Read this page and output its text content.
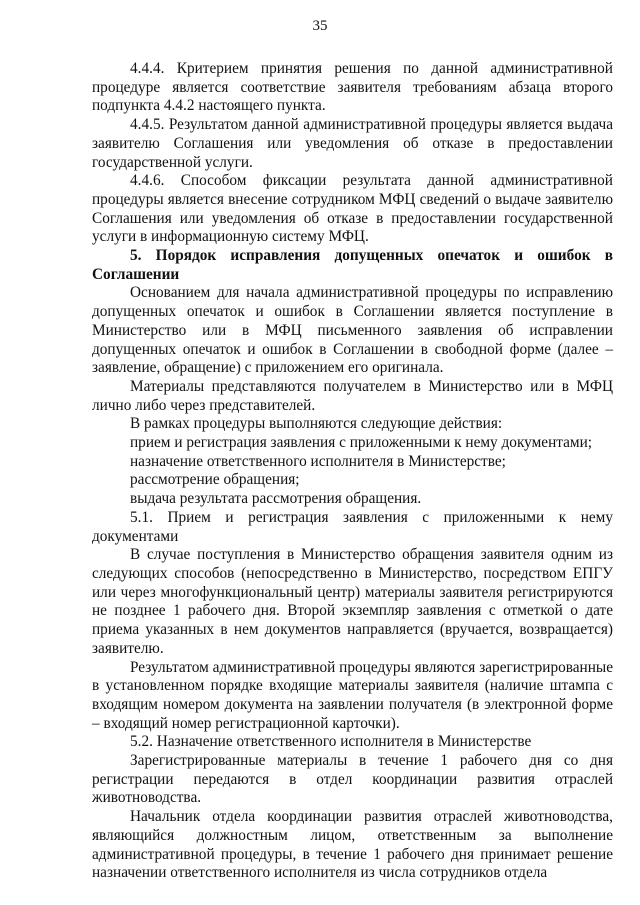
35

4.4.4. Критерием принятия решения по данной административной процедуре является соответствие заявителя требованиям абзаца второго подпункта 4.4.2 настоящего пункта.

4.4.5. Результатом данной административной процедуры является выдача заявителю Соглашения или уведомления об отказе в предоставлении государственной услуги.

4.4.6. Способом фиксации результата данной административной процедуры является внесение сотрудником МФЦ сведений о выдаче заявителю Соглашения или уведомления об отказе в предоставлении государственной услуги в информационную систему МФЦ.

5. Порядок исправления допущенных опечаток и ошибок в Соглашении

Основанием для начала административной процедуры по исправлению допущенных опечаток и ошибок в Соглашении является поступление в Министерство или в МФЦ письменного заявления об исправлении допущенных опечаток и ошибок в Соглашении в свободной форме (далее – заявление, обращение) с приложением его оригинала.

Материалы представляются получателем в Министерство или в МФЦ лично либо через представителей.

В рамках процедуры выполняются следующие действия:

прием и регистрация заявления с приложенными к нему документами;

назначение ответственного исполнителя в Министерстве;

рассмотрение обращения;

выдача результата рассмотрения обращения.

5.1. Прием и регистрация заявления с приложенными к нему документами

В случае поступления в Министерство обращения заявителя одним из следующих способов (непосредственно в Министерство, посредством ЕПГУ или через многофункциональный центр) материалы заявителя регистрируются не позднее 1 рабочего дня. Второй экземпляр заявления с отметкой о дате приема указанных в нем документов направляется (вручается, возвращается) заявителю.

Результатом административной процедуры являются зарегистрированные в установленном порядке входящие материалы заявителя (наличие штампа с входящим номером документа на заявлении получателя (в электронной форме – входящий номер регистрационной карточки).

5.2. Назначение ответственного исполнителя в Министерстве

Зарегистрированные материалы в течение 1 рабочего дня со дня регистрации передаются в отдел координации развития отраслей животноводства.

Начальник отдела координации развития отраслей животноводства, являющийся должностным лицом, ответственным за выполнение административной процедуры, в течение 1 рабочего дня принимает решение назначении ответственного исполнителя из числа сотрудников отдела
